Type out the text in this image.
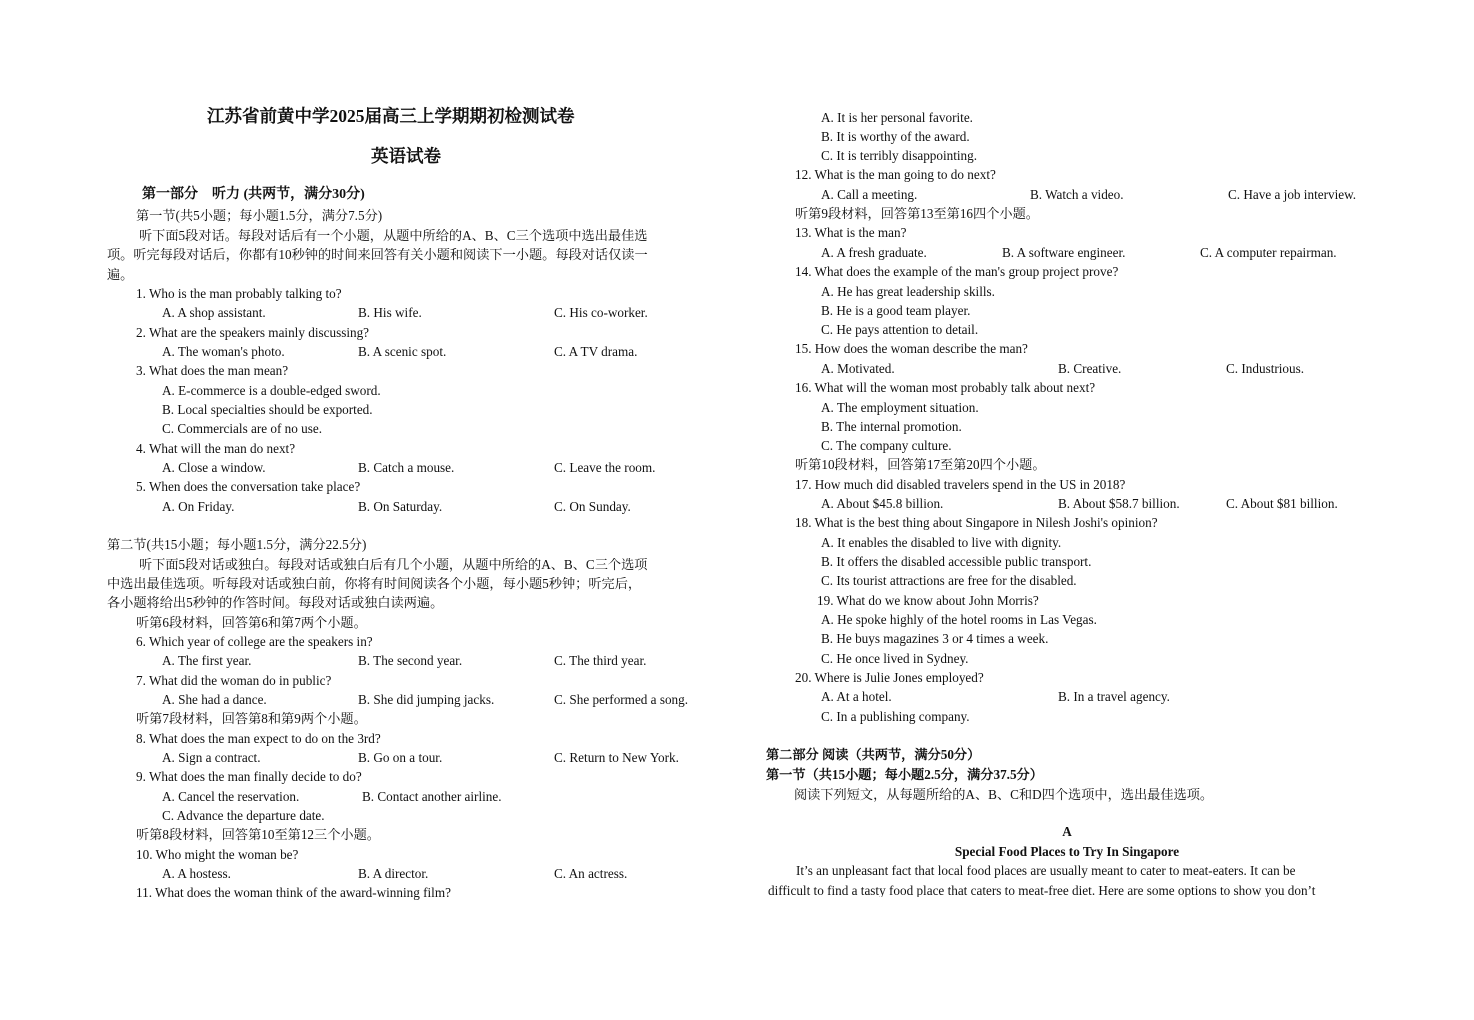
江苏省前黄中学2025届高三上学期期初检测试卷
英语试卷
第一部分　听力 (共两节，满分30分)
第一节(共5小题；每小题1.5分，满分7.5分)
听下面5段对话。每段对话后有一个小题，从题中所给的A、B、C三个选项中选出最佳选
项。听完每段对话后，你都有10秒钟的时间来回答有关小题和阅读下一小题。每段对话仅读一
遍。
1. Who is the man probably talking to?
A. A shop assistant.	B. His wife.	C. His co-worker.
2. What are the speakers mainly discussing?
A. The woman's photo.	B. A scenic spot.	C. A TV drama.
3. What does the man mean?
A. E-commerce is a double-edged sword.
B. Local specialties should be exported.
C. Commercials are of no use.
4. What will the man do next?
A. Close a window.	B. Catch a mouse.	C. Leave the room.
5. When does the conversation take place?
A. On Friday.	B. On Saturday.	C. On Sunday.
第二节(共15小题；每小题1.5分，满分22.5分)
听下面5段对话或独白。每段对话或独白后有几个小题，从题中所给的A、B、C三个选项
中选出最佳选项。听每段对话或独白前，你将有时间阅读各个小题，每小题5秒钟；听完后，
各小题将给出5秒钟的作答时间。每段对话或独白读两遍。
听第6段材料，回答第6和第7两个小题。
6. Which year of college are the speakers in?
A. The first year.	B. The second year.	C. The third year.
7. What did the woman do in public?
A. She had a dance.	B. She did jumping jacks.	C. She performed a song.
听第7段材料，回答第8和第9两个小题。
8. What does the man expect to do on the 3rd?
A. Sign a contract.	B. Go on a tour.	C. Return to New York.
9. What does the man finally decide to do?
A. Cancel the reservation.	B. Contact another airline.
C. Advance the departure date.
听第8段材料，回答第10至第12三个小题。
10. Who might the woman be?
A. A hostess.	B. A director.	C. An actress.
11. What does the woman think of the award-winning film?
A. It is her personal favorite.
B. It is worthy of the award.
C. It is terribly disappointing.
12. What is the man going to do next?
A. Call a meeting.	B. Watch a video.	C. Have a job interview.
听第9段材料，回答第13至第16四个小题。
13. What is the man?
A. A fresh graduate.	B. A software engineer.	C. A computer repairman.
14. What does the example of the man's group project prove?
A. He has great leadership skills.
B. He is a good team player.
C. He pays attention to detail.
15. How does the woman describe the man?
A. Motivated.	B. Creative.	C. Industrious.
16. What will the woman most probably talk about next?
A. The employment situation.
B. The internal promotion.
C. The company culture.
听第10段材料，回答第17至第20四个小题。
17. How much did disabled travelers spend in the US in 2018?
A. About $45.8 billion.	B. About $58.7 billion.	C. About $81 billion.
18. What is the best thing about Singapore in Nilesh Joshi's opinion?
A. It enables the disabled to live with dignity.
B. It offers the disabled accessible public transport.
C. Its tourist attractions are free for the disabled.
19. What do we know about John Morris?
A. He spoke highly of the hotel rooms in Las Vegas.
B. He buys magazines 3 or 4 times a week.
C. He once lived in Sydney.
20. Where is Julie Jones employed?
A. At a hotel.	B. In a travel agency.
C. In a publishing company.
第二部分 阅读（共两节，满分50分）
第一节（共15小题；每小题2.5分，满分37.5分）
阅读下列短文，从每题所给的A、B、C和D四个选项中，选出最佳选项。
A
Special Food Places to Try In Singapore
It’s an unpleasant fact that local food places are usually meant to cater to meat-eaters. It can be
difficult to find a tasty food place that caters to meat-free diet. Here are some options to show you don’t
